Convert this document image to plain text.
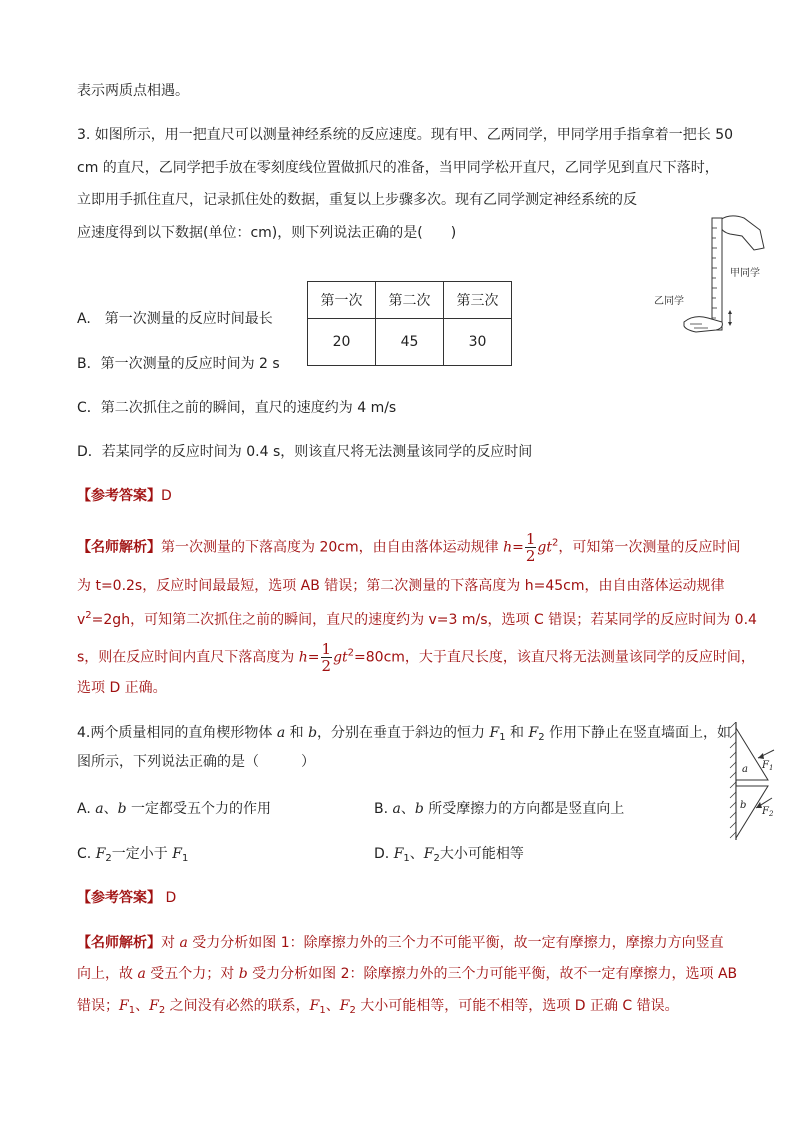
表示两质点相遇。
3. 如图所示，用一把直尺可以测量神经系统的反应速度。现有甲、乙两同学，甲同学用手指拿着一把长 50
cm 的直尺，乙同学把手放在零刻度线位置做抓尺的准备，当甲同学松开直尺，乙同学见到直尺下落时，
立即用手抓住直尺，记录抓住处的数据，重复以上步骤多次。现有乙同学测定神经系统的反
应速度得到以下数据(单位：cm)，则下列说法正确的是(　　)
第一次	第二次	第三次
20	45	30
甲同学
乙同学
A.　第一次测量的反应时间最长
B．第一次测量的反应时间为 2 s
C．第二次抓住之前的瞬间，直尺的速度约为 4 m/s
D．若某同学的反应时间为 0.4 s，则该直尺将无法测量该同学的反应时间
【参考答案】D
【名师解析】第一次测量的下落高度为 20cm，由自由落体运动规律 $h= \frac{1}{2} gt^2$，可知第一次测量的反应时间
为 t=0.2s，反应时间最最短，选项 AB 错误；第二次测量的下落高度为 h=45cm，由自由落体运动规律
$v^2=2gh$，可知第二次抓住之前的瞬间，直尺的速度约为 v=3 m/s，选项 C 错误；若某同学的反应时间为 0.4
s，则在反应时间内直尺下落高度为 $h= \frac{1}{2} gt^2=80cm$，大于直尺长度，该直尺将无法测量该同学的反应时间，
选项 D 正确。
4.两个质量相同的直角楔形物体 a 和 b，分别在垂直于斜边的恒力 $F_1$ 和 $F_2$ 作用下静止在竖直墙面上，如
图所示，下列说法正确的是（　　　）	a $F_1$
b
$F_2$
A. a、b 一定都受五个力的作用	B. a、b 所受摩擦力的方向都是竖直向上
C. $F_2$一定小于 $F_1$	D. $F_1$、$F_2$大小可能相等
【参考答案】 D
【名师解析】对 a 受力分析如图 1：除摩擦力外的三个力不可能平衡，故一定有摩擦力，摩擦力方向竖直
向上，故 a 受五个力；对 b 受力分析如图 2：除摩擦力外的三个力可能平衡，故不一定有摩擦力，选项 AB
错误；$F_1$、$F_2$ 之间没有必然的联系，$F_1$、$F_2$ 大小可能相等，可能不相等，选项 D 正确 C 错误。
